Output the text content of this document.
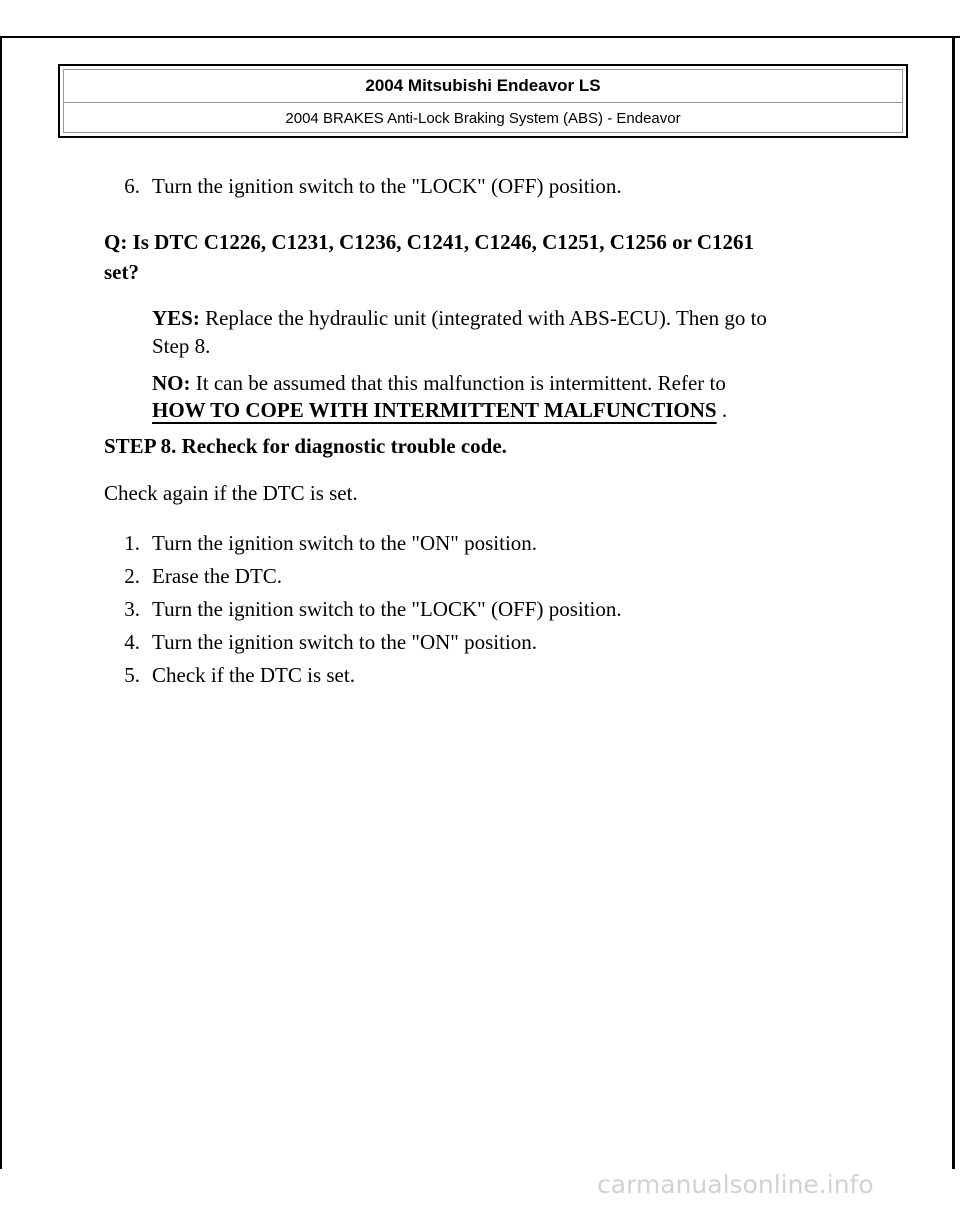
2004 Mitsubishi Endeavor LS
2004 BRAKES Anti-Lock Braking System (ABS) - Endeavor
6. Turn the ignition switch to the "LOCK" (OFF) position.
Q: Is DTC C1226, C1231, C1236, C1241, C1246, C1251, C1256 or C1261
set?
YES: Replace the hydraulic unit (integrated with ABS-ECU). Then go to
Step 8.
NO: It can be assumed that this malfunction is intermittent. Refer to
HOW TO COPE WITH INTERMITTENT MALFUNCTIONS .
STEP 8. Recheck for diagnostic trouble code.
Check again if the DTC is set.
1. Turn the ignition switch to the "ON" position.
2. Erase the DTC.
3. Turn the ignition switch to the "LOCK" (OFF) position.
4. Turn the ignition switch to the "ON" position.
5. Check if the DTC is set.
carmanualsonline.info
